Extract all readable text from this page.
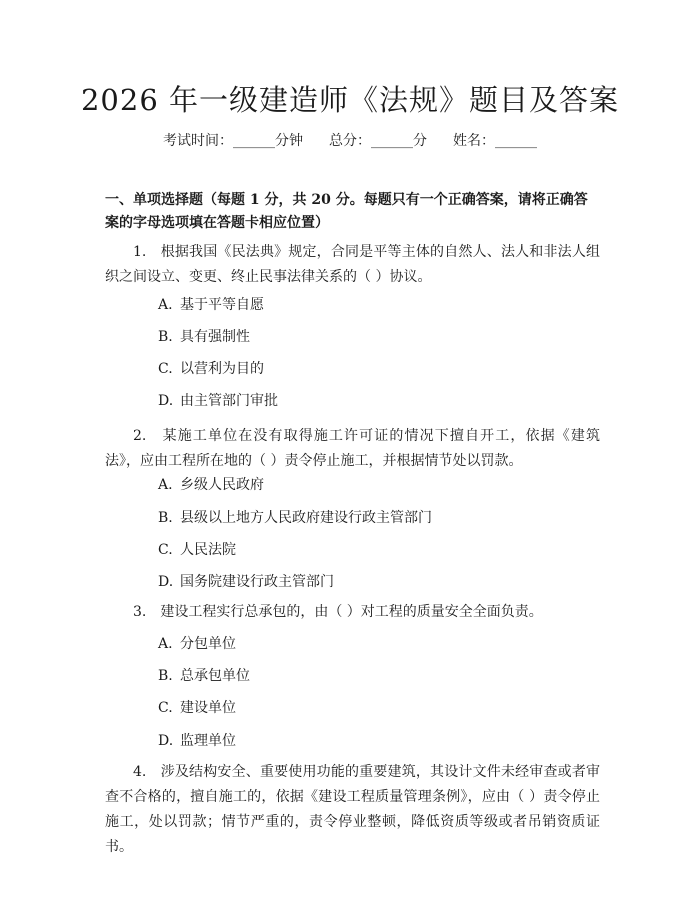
2026 年一级建造师《法规》题目及答案
考试时间：______分钟 总分：______分 姓名：______

一、单项选择题（每题 1 分，共 20 分。每题只有一个正确答案，请将正确答案的字母选项填在答题卡相应位置）

1.　根据我国《民法典》规定，合同是平等主体的自然人、法人和非法人组织之间设立、变更、终止民事法律关系的（ ）协议。

A. 基于平等自愿
B. 具有强制性
C. 以营利为目的
D. 由主管部门审批

2.　某施工单位在没有取得施工许可证的情况下擅自开工，依据《建筑法》，应由工程所在地的（ ）责令停止施工，并根据情节处以罚款。

A. 乡级人民政府
B. 县级以上地方人民政府建设行政主管部门
C. 人民法院
D. 国务院建设行政主管部门

3.　建设工程实行总承包的，由（ ）对工程的质量安全全面负责。

A. 分包单位
B. 总承包单位
C. 建设单位
D. 监理单位

4.　涉及结构安全、重要使用功能的重要建筑，其设计文件未经审查或者审查不合格的，擅自施工的，依据《建设工程质量管理条例》，应由（ ）责令停止施工，处以罚款；情节严重的，责令停业整顿，降低资质等级或者吊销资质证书。
